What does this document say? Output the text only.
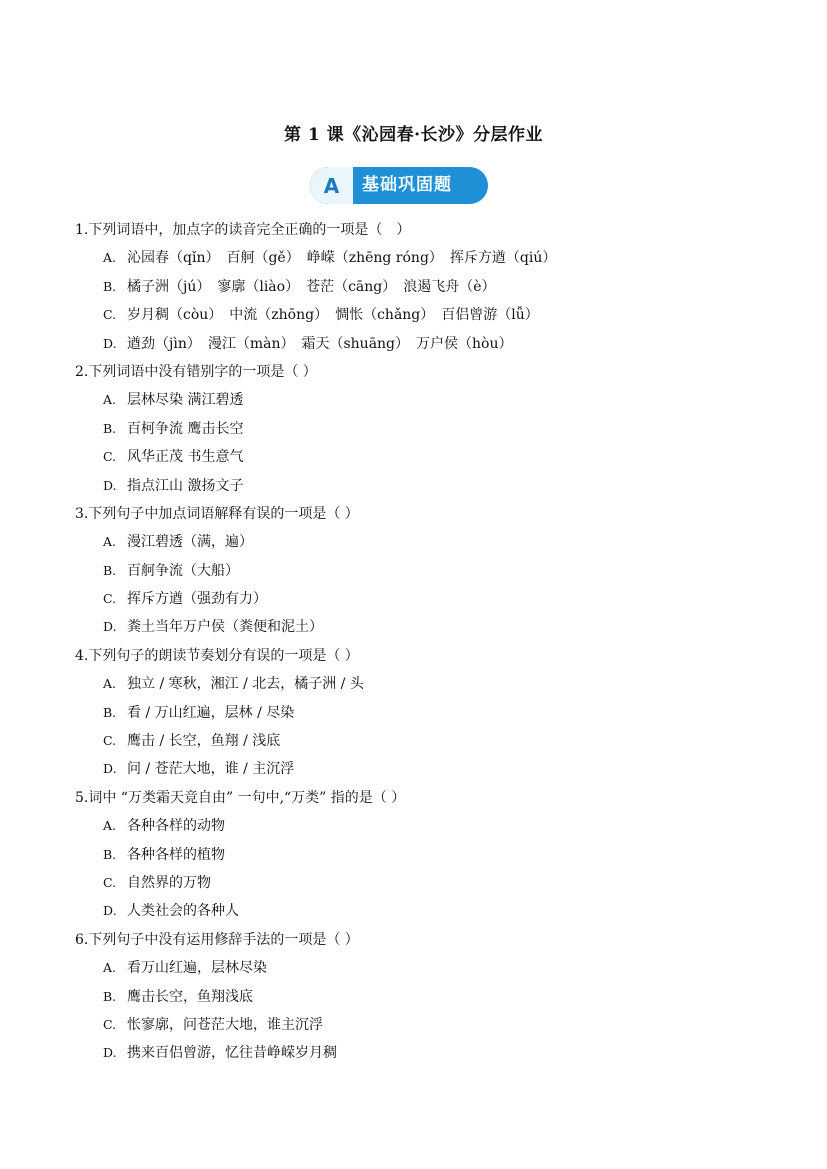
第 1 课《沁园春·长沙》分层作业
A	基础巩固题
1.下列词语中，加点字的读音完全正确的一项是（　）
A. 沁园春（qǐn）　百舸（gě）　峥嵘（zhēng róng）　挥斥方遒（qiú）
B. 橘子洲（jú）　寥廓（liào）　苍茫（cāng）　浪遏飞舟（è）
C. 岁月稠（còu）　中流（zhōng）　惆怅（chǎng）　百侣曾游（lǚ）
D. 遒劲（jìn）　漫江（màn）　霜天（shuāng）　万户侯（hòu）
2.下列词语中没有错别字的一项是（ ）
A. 层林尽染 满江碧透
B. 百柯争流 鹰击长空
C. 风华正茂 书生意气
D. 指点江山 激扬文子
3.下列句子中加点词语解释有误的一项是（ ）
A. 漫江碧透（满，遍）
B. 百舸争流（大船）
C. 挥斥方遒（强劲有力）
D. 粪土当年万户侯（粪便和泥土）
4.下列句子的朗读节奏划分有误的一项是（ ）
A. 独立 / 寒秋，湘江 / 北去，橘子洲 / 头
B. 看 / 万山红遍，层林 / 尽染
C. 鹰击 / 长空，鱼翔 / 浅底
D. 问 / 苍茫大地，谁 / 主沉浮
5.词中 “万类霜天竞自由” 一句中,“万类” 指的是（ ）
A. 各种各样的动物
B. 各种各样的植物
C. 自然界的万物
D. 人类社会的各种人
6.下列句子中没有运用修辞手法的一项是（ ）
A. 看万山红遍，层林尽染
B. 鹰击长空，鱼翔浅底
C. 怅寥廓，问苍茫大地，谁主沉浮
D. 携来百侣曾游，忆往昔峥嵘岁月稠
